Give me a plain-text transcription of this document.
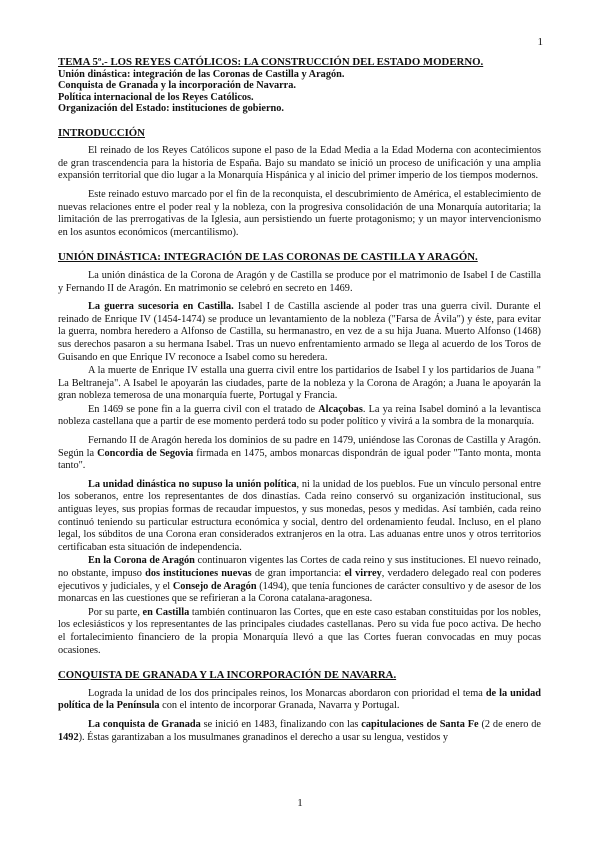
1
TEMA 5º.- LOS REYES CATÓLICOS: LA CONSTRUCCIÓN DEL ESTADO MODERNO.
Unión dinástica: integración de las Coronas de Castilla y Aragón.
Conquista de Granada y la incorporación de Navarra.
Política internacional de los Reyes Católicos.
Organización del Estado: instituciones de gobierno.
INTRODUCCIÓN

El reinado de los Reyes Católicos supone el paso de la Edad Media a la Edad Moderna con acontecimientos de gran trascendencia para la historia de España. Bajo su mandato se inició un proceso de unificación y una amplia expansión territorial que dio lugar a la Monarquía Hispánica y al inicio del primer imperio de los tiempos modernos.

Este reinado estuvo marcado por el fin de la reconquista, el descubrimiento de América, el establecimiento de nuevas relaciones entre el poder real y la nobleza, con la progresiva consolidación de una Monarquía autoritaria; la limitación de las prerrogativas de la Iglesia, aun persistiendo un fuerte protagonismo; y un mayor intervencionismo en los asuntos económicos (mercantilismo).

UNIÓN DINÁSTICA: INTEGRACIÓN DE LAS CORONAS DE CASTILLA Y ARAGÓN.

La unión dinástica de la Corona de Aragón y de Castilla se produce por el matrimonio de Isabel I de Castilla y Fernando II de Aragón. En matrimonio se celebró en secreto en 1469.

La guerra sucesoria en Castilla. Isabel I de Castilla asciende al poder tras una guerra civil. Durante el reinado de Enrique IV (1454-1474) se produce un levantamiento de la nobleza ("Farsa de Ávila") y éste, para evitar la guerra, nombra heredero a Alfonso de Castilla, su hermanastro, en vez de a su hija Juana. Muerto Alfonso (1468) sus derechos pasaron a su hermana Isabel. Tras un nuevo enfrentamiento armado se llega al acuerdo de los Toros de Guisando en que Enrique IV reconoce a Isabel como su heredera.

A la muerte de Enrique IV estalla una guerra civil entre los partidarios de Isabel I y los partidarios de Juana " La Beltraneja". A Isabel le apoyarán las ciudades, parte de la nobleza y la Corona de Aragón; a Juana le apoyarán la gran nobleza temerosa de una monarquía fuerte, Portugal y Francia.

En 1469 se pone fin a la guerra civil con el tratado de Alcaçobas. La ya reina Isabel dominó a la levantisca nobleza castellana que a partir de ese momento perderá todo su poder político y vivirá a la sombra de la monarquía.

Fernando II de Aragón hereda los dominios de su padre en 1479, uniéndose las Coronas de Castilla y Aragón. Según la Concordia de Segovia firmada en 1475, ambos monarcas dispondrán de igual poder "Tanto monta, monta tanto".

La unidad dinástica no supuso la unión política, ni la unidad de los pueblos. Fue un vínculo personal entre los soberanos, entre los representantes de dos dinastías. Cada reino conservó su organización institucional, sus antiguas leyes, sus propias formas de recaudar impuestos, y sus monedas, pesos y medidas. Así también, cada reino continuó teniendo su particular estructura económica y social, dentro del ordenamiento feudal. Incluso, en el plano legal, los súbditos de una Corona eran considerados extranjeros en la otra. Las aduanas entre unos y otros territorios certificaban esta situación de independencia.

En la Corona de Aragón continuaron vigentes las Cortes de cada reino y sus instituciones. El nuevo reinado, no obstante, impuso dos instituciones nuevas de gran importancia: el virrey, verdadero delegado real con poderes ejecutivos y judiciales, y el Consejo de Aragón (1494), que tenía funciones de carácter consultivo y de asesor de los monarcas en las cuestiones que se refirieran a la Corona catalana-aragonesa.

Por su parte, en Castilla también continuaron las Cortes, que en este caso estaban constituidas por los nobles, los eclesiásticos y los representantes de las principales ciudades castellanas. Pero su vida fue poco activa. De hecho el fortalecimiento financiero de la propia Monarquía llevó a que las Cortes fueran convocadas en muy pocas ocasiones.

CONQUISTA DE GRANADA Y LA INCORPORACIÓN DE NAVARRA.

Lograda la unidad de los dos principales reinos, los Monarcas abordaron con prioridad el tema de la unidad política de la Península con el intento de incorporar Granada, Navarra y Portugal.

La conquista de Granada se inició en 1483, finalizando con las capitulaciones de Santa Fe (2 de enero de 1492). Éstas garantizaban a los musulmanes granadinos el derecho a usar su lengua, vestidos y

1
